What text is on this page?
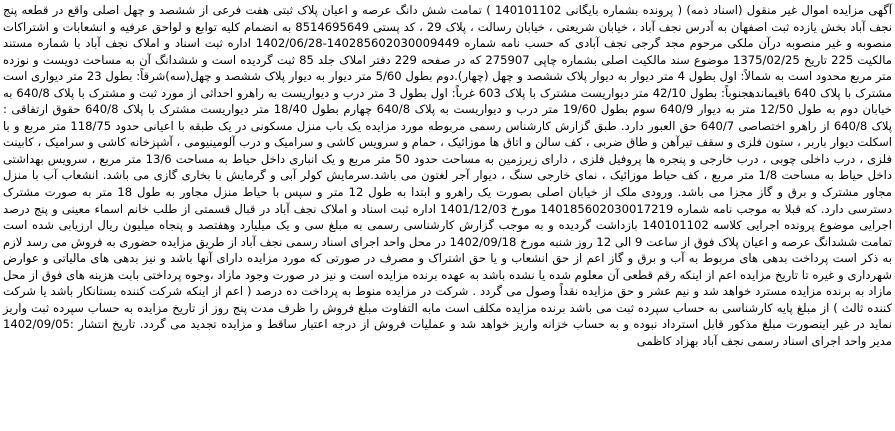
آگهی مزایده اموال غیر منقول (اسناد ذمه) ( پرونده بشماره بایگانی 140101102 ) تمامت شش دانگ عرصه و اعیان پلاک ثبتی هفت فرعی از ششصد و چهل اصلی واقع در قطعه پنج نجف آباد بخش یازده ثبت اصفهان به آدرس نجف آباد ، خیابان شریعتی ، خیابان رسالت ، پلاک 29 ، کد پستی 8514695649 به انضمام کلیه توابع و لواحق عرفیه و انشعابات و اشتراکات منصوبه و غیر منصوبه درآن ملکی مرحوم مجد گرجی نجف آبادی که حسب نامه شماره 140285602030009449-1402/06/28 اداره ثبت اسناد و املاک نجف آباد با شماره مستند مالکیت 225 تاریخ 1375/02/25 موضوع سند مالکیت اصلی بشماره چاپی 275907 که در صفحه 229 دفتر املاک جلد 85 ثبت گردیده است و ششدانگ آن به مساحت دویست و نوزده متر مربع محدود است به شمالاً: اول بطول 4 متر دیوار به دیوار پلاک ششصد و چهل (چهار).دوم بطول 5/60 متر دیوار به دیوار پلاک ششصد و چهل(سه)شرقاً: بطول 23 متر دیواری است مشترک با پلاک 640 باقیماندهجنوباً: بطول 42/10 متر دیواریست مشترک با پلاک 603 غرباً: اول بطول 3 متر درب و دیواریست به راهرو احداثی از مورد ثبت و مشترک با پلاک 640/8 به خیابان دوم به طول 12/50 متر به دیوار 640/9 سوم بطول 19/60 متر درب و دیواریست به پلاک 640/8 چهارم بطول 18/40 متر دیواریست مشترک با پلاک 640/8 حقوق ارتفاقی : پلاک 640/8 از راهرو اختصاصی 640/7 حق العبور دارد. طبق گزارش کارشناس رسمی مربوطه مورد مزایده یک باب منزل مسکونی در یک طبقه با اعیانی حدود 118/75 متر مربع و با اسکلت دیوار باربر ، ستون فلزی و سقف تیرآهن و طاق ضربی ، کف سالن و اتاق ها موزائیک ، حمام و سرویس کاشی و سرامیک و درب آلومینیومی ، آشپزخانه کاشی و سرامیک ، کابینت فلزی ، درب داخلی چوبی ، درب خارجی و پنجره ها پروفیل فلزی ، دارای زیرزمین به مساحت حدود 50 متر مربع و یک انباری داخل حیاط به مساحت 13/6 متر مربع ، سرویس بهداشتی داخل حیاط به مساحت 1/8 متر مربع ، کف حیاط موزائیک ، نمای خارجی سنگ ، دیوار آجر لغتون می باشد.سرمایش کولر آبی و گرمایش با بخاری گازی می باشد. انشعاب آب با منزل مجاور مشترک و برق و گاز مجزا می باشد. ورودی ملک از خیابان اصلی بصورت یک راهرو و ابتدا به طول 12 متر و سپس با حیاط منزل مجاور به طول 18 متر به صورت مشترک دسترسی دارد. که قبلا به موجب نامه شماره 140185602030017219 مورخ 1401/12/03 اداره ثبت اسناد و املاک نجف آباد در قبال قسمتی از طلب خانم اسماء معینی و پنج درصد اجرایی موضوع پرونده اجرایی کلاسه 140101102 بازداشت گردیده و به موجب گزارش کارشناسی رسمی به مبلغ سی و یک میلیارد وهفتصد و پنجاه میلیون ریال ارزیابی شده است تمامت ششدانگ عرصه و اعیان پلاک فوق از ساعت 9 الی 12 روز شنبه مورخ 1402/09/18 در محل واحد اجرای اسناد رسمی نجف آباد از طریق مزایده حضوری به فروش می رسد لازم به ذکر است پرداخت بدهی های مربوط به آب و برق و گاز اعم از حق انشعاب و یا حق اشتراک و مصرف در صورتی که مورد مزایده دارای آنها باشد و نیز بدهی های مالیاتی و عوارض شهرداری و غیره تا تاریخ مزایده اعم از اینکه رقم قطعی آن معلوم شده یا نشده باشد به عهده برنده مزایده است و نیز در صورت وجود مازاد ،وجوه پرداختی بابت هزینه های فوق از محل مازاد به برنده مزایده مسترد خواهد شد و نیم عشر و حق مزایده نقداً وصول می گردد . شرکت در مزایده منوط به پرداخت ده درصد ( اعم از اینکه شرکت کننده بستانکار باشد یا شرکت کننده ثالث ) از مبلغ پایه کارشناسی به حساب سپرده ثبت می باشد برنده مزایده مکلف است مابه التفاوت مبلغ فروش را ظرف مدت پنج روز از تاریخ مزایده به حساب سپرده ثبت واریز نماید در غیر اینصورت مبلغ مذکور قابل استرداد نبوده و به حساب خزانه واریز خواهد شد و عملیات فروش از درجه اعتبار ساقط و مزایده تجدید می گردد. تاریخ انتشار :1402/09/05 مدیر واحد اجرای اسناد رسمی نجف آباد بهزاد کاظمی
